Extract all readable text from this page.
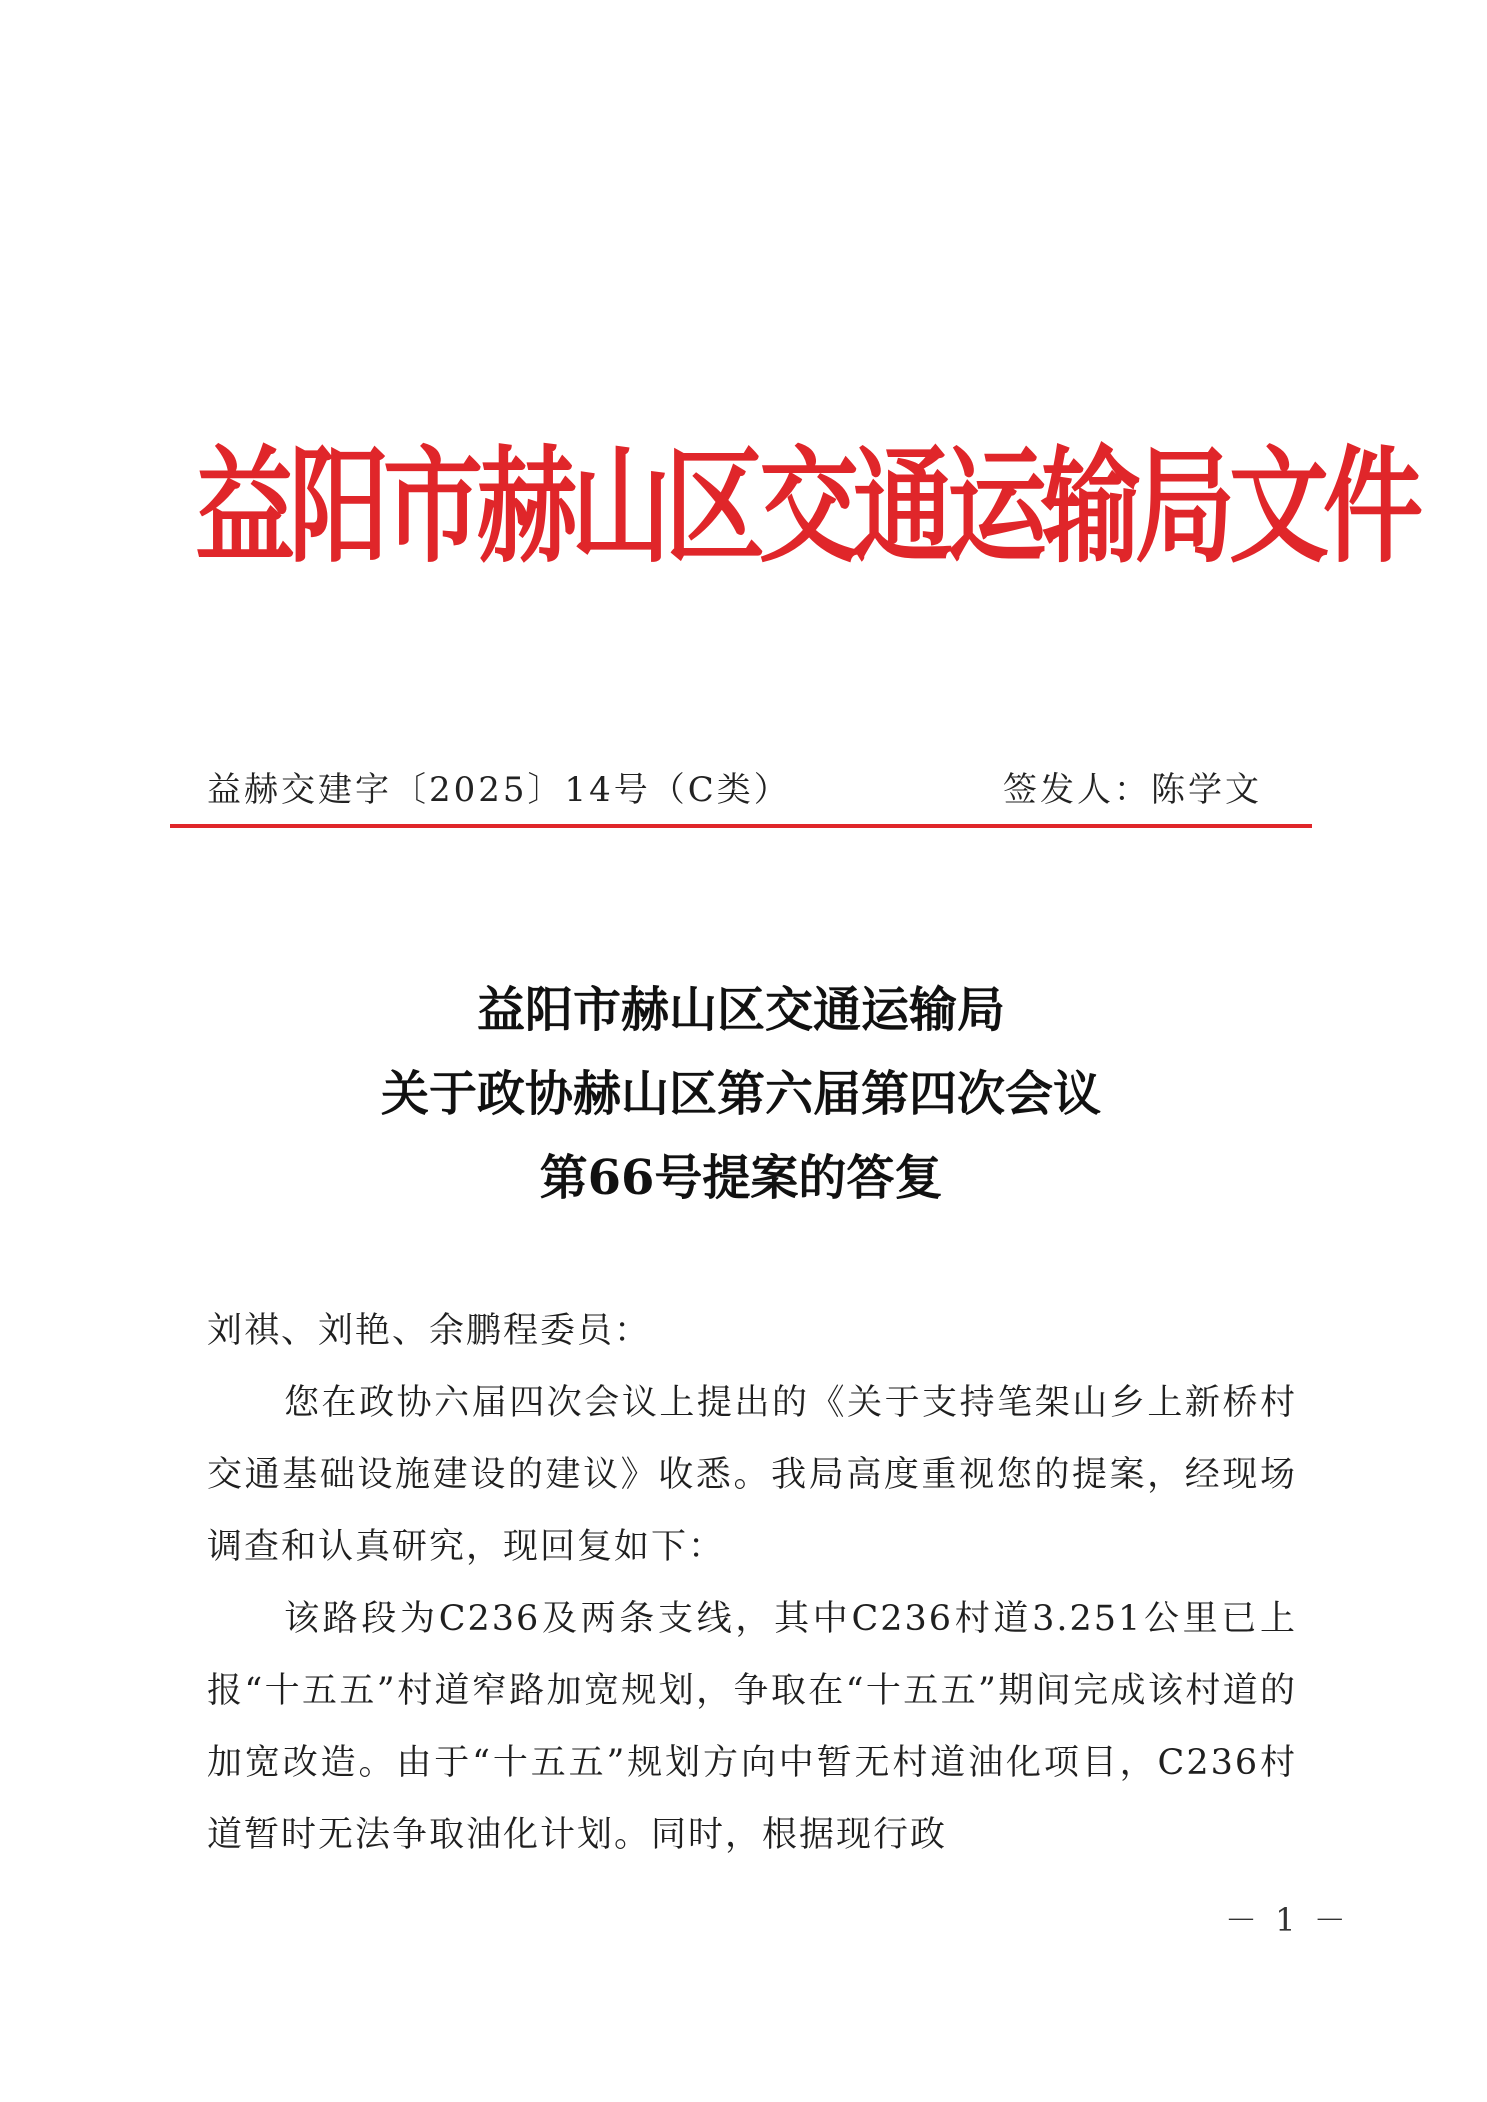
益阳市赫山区交通运输局文件
益赫交建字〔2025〕14号（C类）	签发人：陈学文
益阳市赫山区交通运输局
关于政协赫山区第六届第四次会议
第66号提案的答复

刘祺、刘艳、余鹏程委员：

您在政协六届四次会议上提出的《关于支持笔架山乡上新桥村交通基础设施建设的建议》收悉。我局高度重视您的提案，经现场调查和认真研究，现回复如下：

该路段为C236及两条支线，其中C236村道3.251公里已上报“十五五”村道窄路加宽规划，争取在“十五五”期间完成该村道的加宽改造。由于“十五五”规划方向中暂无村道油化项目，C236村道暂时无法争取油化计划。同时，根据现行政

－ 1 －
